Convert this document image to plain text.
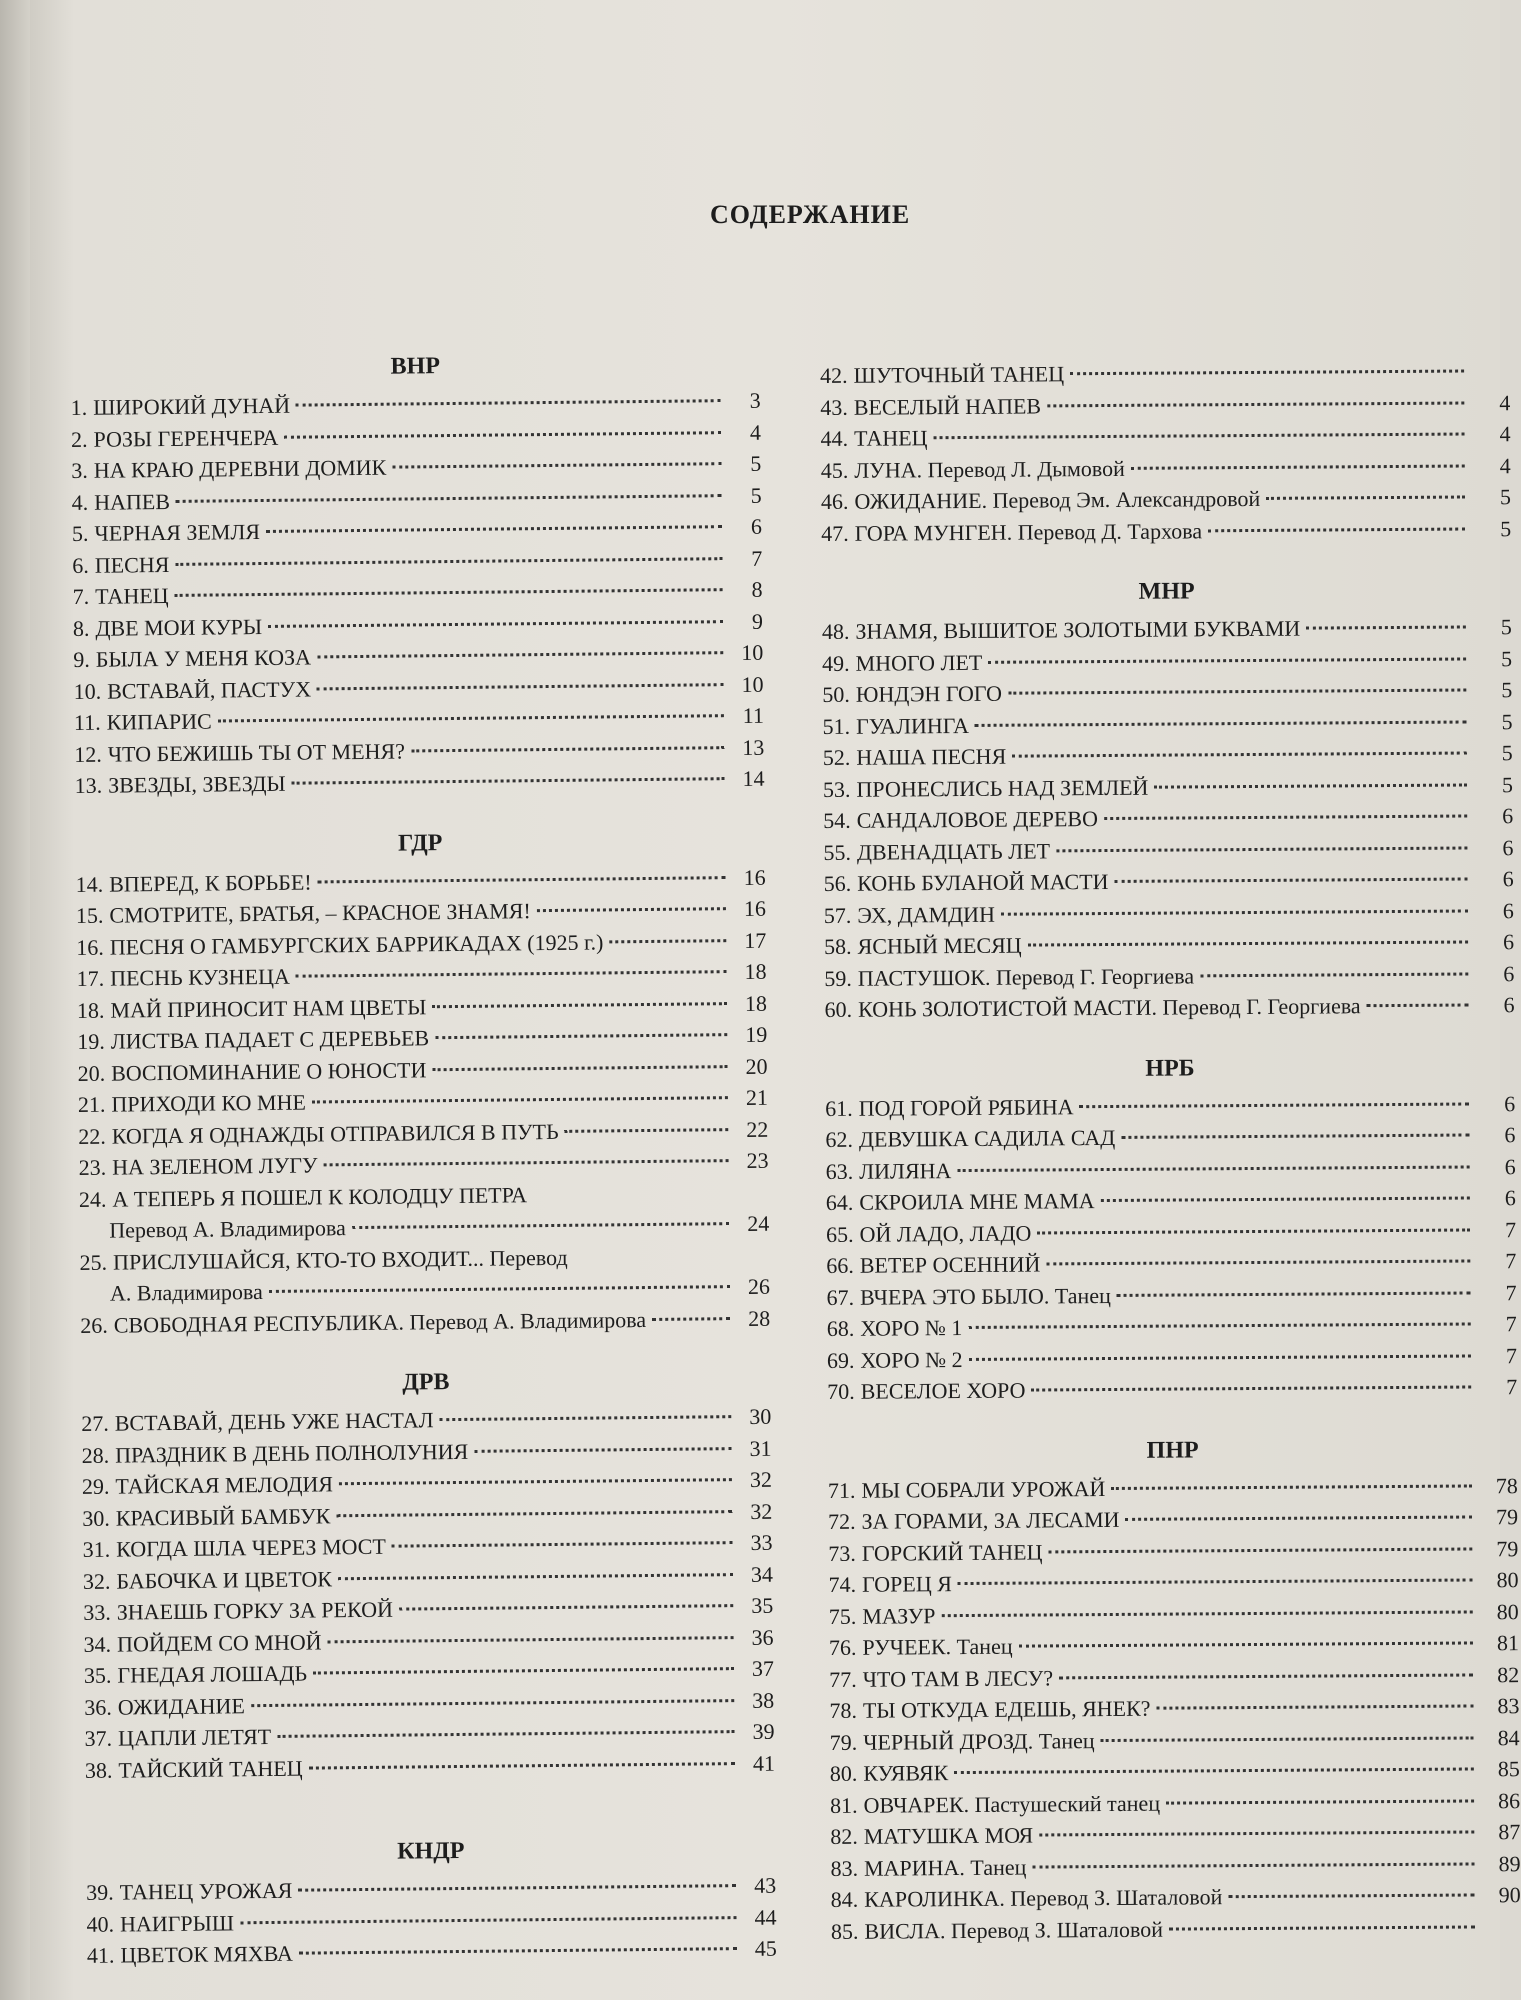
СОДЕРЖАНИЕ
ВНР
1. ШИРОКИЙ ДУНАЙ	3
2. РОЗЫ ГЕРЕНЧЕРА	4
3. НА КРАЮ ДЕРЕВНИ ДОМИК	5
4. НАПЕВ	5
5. ЧЕРНАЯ ЗЕМЛЯ	6
6. ПЕСНЯ	7
7. ТАНЕЦ	8
8. ДВЕ МОИ КУРЫ	9
9. БЫЛА У МЕНЯ КОЗА	10
10. ВСТАВАЙ, ПАСТУХ	10
11. КИПАРИС	11
12. ЧТО БЕЖИШЬ ТЫ ОТ МЕНЯ?	13
13. ЗВЕЗДЫ, ЗВЕЗДЫ	14
ГДР
14. ВПЕРЕД, К БОРЬБЕ!	16
15. СМОТРИТЕ, БРАТЬЯ, – КРАСНОЕ ЗНАМЯ!	16
16. ПЕСНЯ О ГАМБУРГСКИХ БАРРИКАДАХ (1925 г.)	17
17. ПЕСНЬ КУЗНЕЦА	18
18. МАЙ ПРИНОСИТ НАМ ЦВЕТЫ	18
19. ЛИСТВА ПАДАЕТ С ДЕРЕВЬЕВ	19
20. ВОСПОМИНАНИЕ О ЮНОСТИ	20
21. ПРИХОДИ КО МНЕ	21
22. КОГДА Я ОДНАЖДЫ ОТПРАВИЛСЯ В ПУТЬ	22
23. НА ЗЕЛЕНОМ ЛУГУ	23
24. А ТЕПЕРЬ Я ПОШЕЛ К КОЛОДЦУ ПЕТРА
Перевод А. Владимирова	24
25. ПРИСЛУШАЙСЯ, КТО-ТО ВХОДИТ... Перевод
А. Владимирова	26
26. СВОБОДНАЯ РЕСПУБЛИКА. Перевод А. Владимирова	28
ДРВ
27. ВСТАВАЙ, ДЕНЬ УЖЕ НАСТАЛ	30
28. ПРАЗДНИК В ДЕНЬ ПОЛНОЛУНИЯ	31
29. ТАЙСКАЯ МЕЛОДИЯ	32
30. КРАСИВЫЙ БАМБУК	32
31. КОГДА ШЛА ЧЕРЕЗ МОСТ	33
32. БАБОЧКА И ЦВЕТОК	34
33. ЗНАЕШЬ ГОРКУ ЗА РЕКОЙ	35
34. ПОЙДЕМ СО МНОЙ	36
35. ГНЕДАЯ ЛОШАДЬ	37
36. ОЖИДАНИЕ	38
37. ЦАПЛИ ЛЕТЯТ	39
38. ТАЙСКИЙ ТАНЕЦ	41
КНДР
39. ТАНЕЦ УРОЖАЯ	43
40. НАИГРЫШ	44
41. ЦВЕТОК МЯХВА	45
42. ШУТОЧНЫЙ ТАНЕЦ
43. ВЕСЕЛЫЙ НАПЕВ	4
44. ТАНЕЦ	4
45. ЛУНА. Перевод Л. Дымовой	4
46. ОЖИДАНИЕ. Перевод Эм. Александровой	5
47. ГОРА МУНГЕН. Перевод Д. Тархова	5
МНР
48. ЗНАМЯ, ВЫШИТОЕ ЗОЛОТЫМИ БУКВАМИ	5
49. МНОГО ЛЕТ	5
50. ЮНДЭН ГОГО	5
51. ГУАЛИНГА	5
52. НАША ПЕСНЯ	5
53. ПРОНЕСЛИСЬ НАД ЗЕМЛЕЙ	5
54. САНДАЛОВОЕ ДЕРЕВО	6
55. ДВЕНАДЦАТЬ ЛЕТ	6
56. КОНЬ БУЛАНОЙ МАСТИ	6
57. ЭХ, ДАМДИН	6
58. ЯСНЫЙ МЕСЯЦ	6
59. ПАСТУШОК. Перевод Г. Георгиева	6
60. КОНЬ ЗОЛОТИСТОЙ МАСТИ. Перевод Г. Георгиева	6
НРБ
61. ПОД ГОРОЙ РЯБИНА	6
62. ДЕВУШКА САДИЛА САД	6
63. ЛИЛЯНА	6
64. СКРОИЛА МНЕ МАМА	6
65. ОЙ ЛАДО, ЛАДО	7
66. ВЕТЕР ОСЕННИЙ	7
67. ВЧЕРА ЭТО БЫЛО. Танец	7
68. ХОРО № 1	7
69. ХОРО № 2	7
70. ВЕСЕЛОЕ ХОРО	7
ПНР
71. МЫ СОБРАЛИ УРОЖАЙ	78
72. ЗА ГОРАМИ, ЗА ЛЕСАМИ	79
73. ГОРСКИЙ ТАНЕЦ	79
74. ГОРЕЦ Я	80
75. МАЗУР	80
76. РУЧЕЕК. Танец	81
77. ЧТО ТАМ В ЛЕСУ?	82
78. ТЫ ОТКУДА ЕДЕШЬ, ЯНЕК?	83
79. ЧЕРНЫЙ ДРОЗД. Танец	84
80. КУЯВЯК	85
81. ОВЧАРЕК. Пастушеский танец	86
82. МАТУШКА МОЯ	87
83. МАРИНА. Танец	89
84. КАРОЛИНКА. Перевод З. Шаталовой	90
85. ВИСЛА. Перевод З. Шаталовой
